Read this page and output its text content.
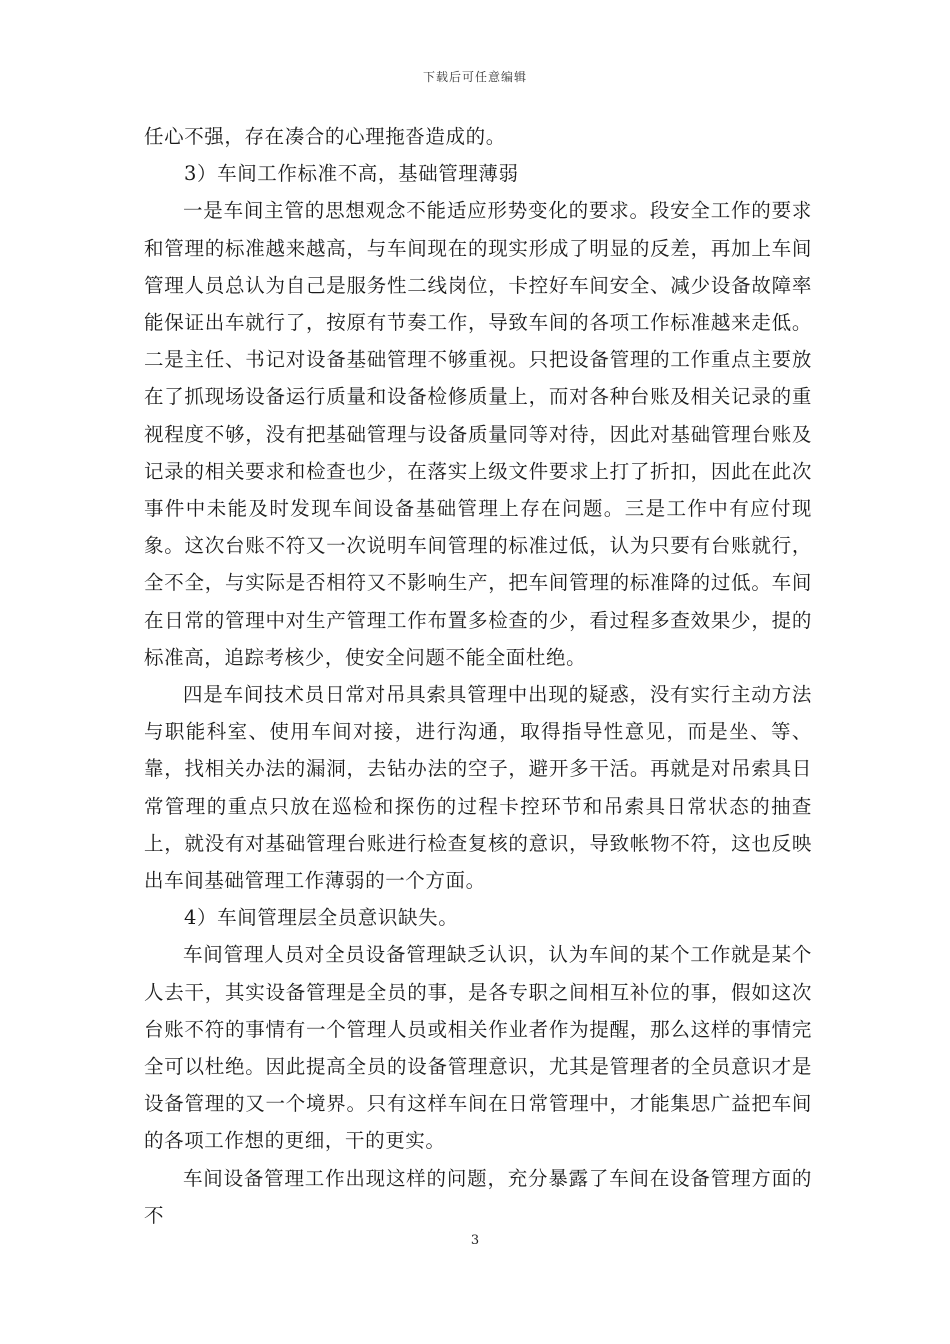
下载后可任意编辑

任心不强，存在凑合的心理拖沓造成的。

3）车间工作标准不高，基础管理薄弱

一是车间主管的思想观念不能适应形势变化的要求。段安全工作的要求和管理的标准越来越高，与车间现在的现实形成了明显的反差，再加上车间管理人员总认为自己是服务性二线岗位，卡控好车间安全、减少设备故障率能保证出车就行了，按原有节奏工作，导致车间的各项工作标准越来走低。二是主任、书记对设备基础管理不够重视。只把设备管理的工作重点主要放在了抓现场设备运行质量和设备检修质量上，而对各种台账及相关记录的重视程度不够，没有把基础管理与设备质量同等对待，因此对基础管理台账及记录的相关要求和检查也少，在落实上级文件要求上打了折扣，因此在此次事件中未能及时发现车间设备基础管理上存在问题。三是工作中有应付现象。这次台账不符又一次说明车间管理的标准过低，认为只要有台账就行，全不全，与实际是否相符又不影响生产，把车间管理的标准降的过低。车间在日常的管理中对生产管理工作布置多检查的少，看过程多查效果少，提的标准高，追踪考核少，使安全问题不能全面杜绝。

四是车间技术员日常对吊具索具管理中出现的疑惑，没有实行主动方法与职能科室、使用车间对接，进行沟通，取得指导性意见，而是坐、等、靠，找相关办法的漏洞，去钻办法的空子，避开多干活。再就是对吊索具日常管理的重点只放在巡检和探伤的过程卡控环节和吊索具日常状态的抽查上，就没有对基础管理台账进行检查复核的意识，导致帐物不符，这也反映出车间基础管理工作薄弱的一个方面。

4）车间管理层全员意识缺失。

车间管理人员对全员设备管理缺乏认识，认为车间的某个工作就是某个人去干，其实设备管理是全员的事，是各专职之间相互补位的事，假如这次台账不符的事情有一个管理人员或相关作业者作为提醒，那么这样的事情完全可以杜绝。因此提高全员的设备管理意识，尤其是管理者的全员意识才是设备管理的又一个境界。只有这样车间在日常管理中，才能集思广益把车间的各项工作想的更细，干的更实。

车间设备管理工作出现这样的问题，充分暴露了车间在设备管理方面的不

3
